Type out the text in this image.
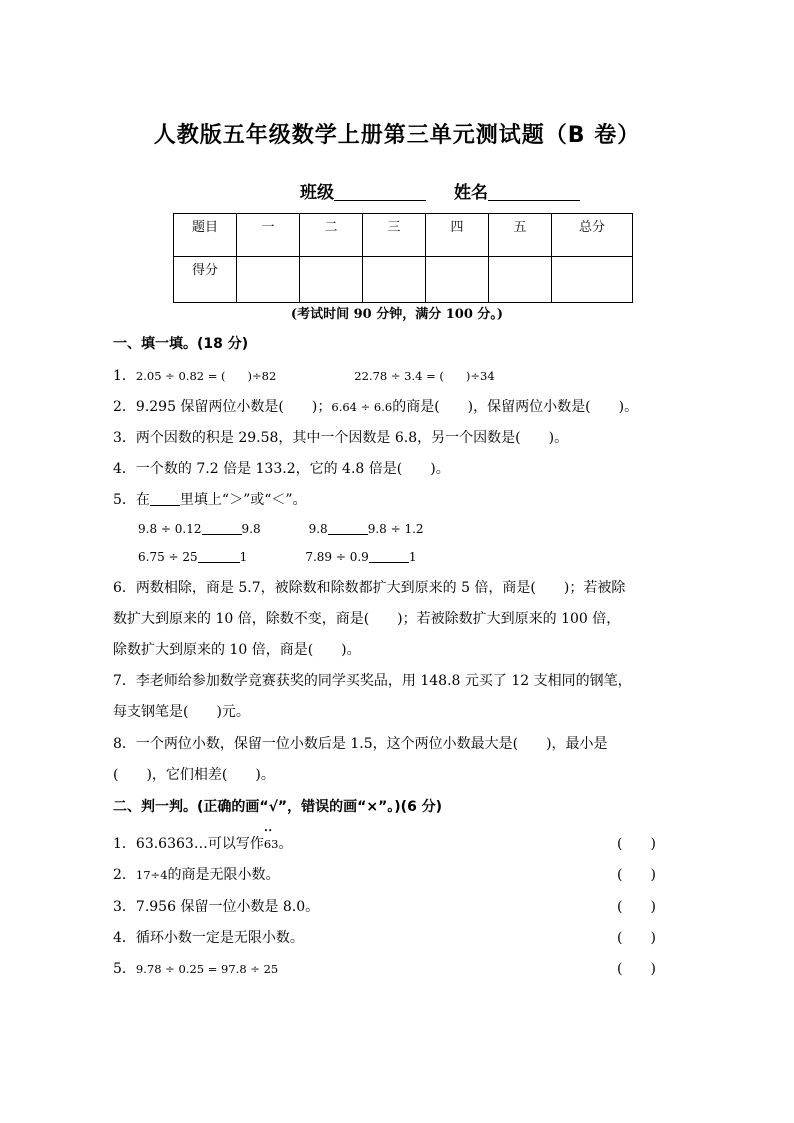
人教版五年级数学上册第三单元测试题（B 卷）
班级	姓名
题目	一	二	三	四	五	总分
得分						
(考试时间 90 分钟，满分 100 分。)
一、填一填。(18 分)
1．2.05 ÷ 0.82 = ( )÷82	22.78 ÷ 3.4 = ( )÷34
2．9.295 保留两位小数是(　　)；6.64 ÷ 6.6的商是(　　)，保留两位小数是(　　)。
3．两个因数的积是 29.58，其中一个因数是 6.8，另一个因数是(　　)。
4．一个数的 7.2 倍是 133.2，它的 4.8 倍是(　　)。
5．在 里填上“＞”或“＜”。
9.8 ÷ 0.12	9.8	9.8	9.8 ÷ 1.2
6.75 ÷ 25	1	7.89 ÷ 0.9	1
6．两数相除，商是 5.7，被除数和除数都扩大到原来的 5 倍，商是(　　)；若被除
数扩大到原来的 10 倍，除数不变，商是(　　)；若被除数扩大到原来的 100 倍，
除数扩大到原来的 10 倍，商是(　　)。
7．李老师给参加数学竞赛获奖的同学买奖品，用 148.8 元买了 12 支相同的钢笔，
每支钢笔是(　　)元。
8．一个两位小数，保留一位小数后是 1.5，这个两位小数最大是(　　)，最小是
(　　)，它们相差(　　)。
二、判一判。(正确的画“√”，错误的画“×”。)(6 分)
1．63.6363…可以写作• • 63。	(　　)
2．17÷4的商是无限小数。	(　　)
3．7.956 保留一位小数是 8.0。	(　　)
4．循环小数一定是无限小数。	(　　)
5．9.78 ÷ 0.25 = 97.8 ÷ 25	(　　)
